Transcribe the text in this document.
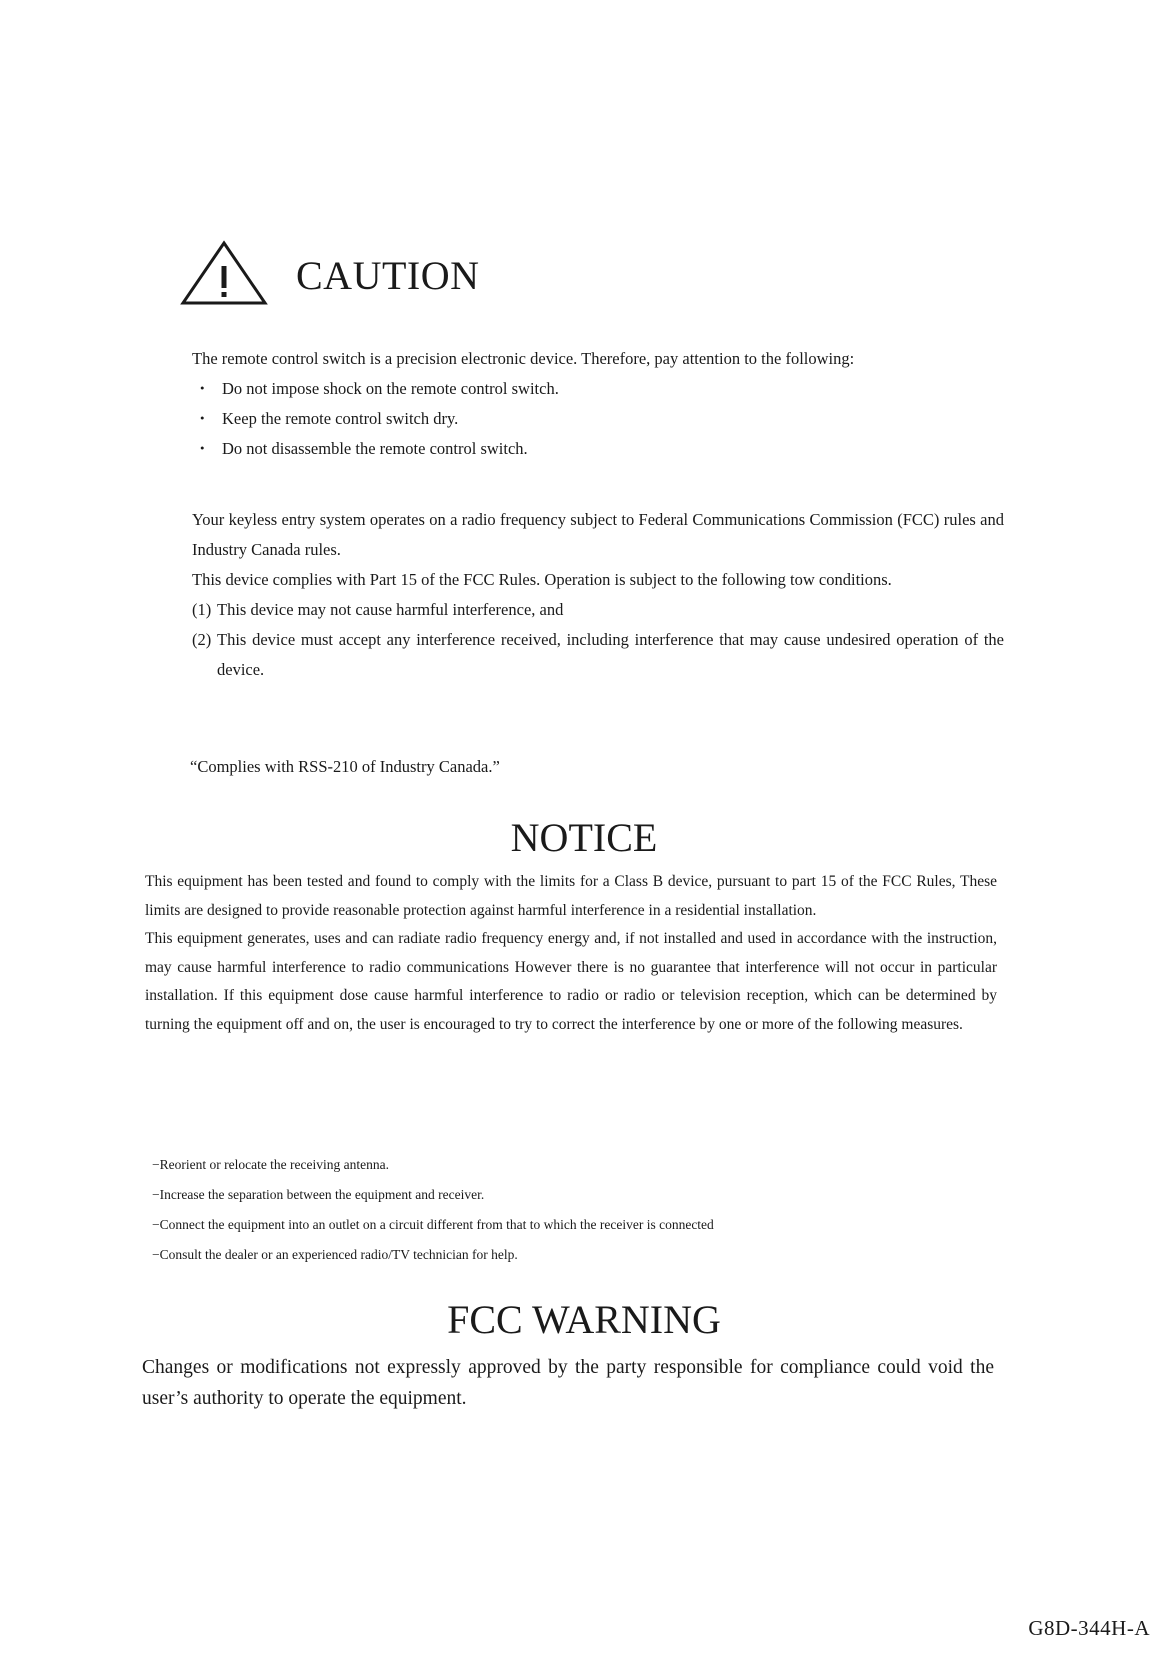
CAUTION

The remote control switch is a precision electronic device. Therefore, pay attention to the following:

・ Do not impose shock on the remote control switch.
・ Keep the remote control switch dry.
・ Do not disassemble the remote control switch.

Your keyless entry system operates on a radio frequency subject to Federal Communications Commission (FCC) rules and Industry Canada rules.

This device complies with Part 15 of the FCC Rules. Operation is subject to the following tow conditions.

(1) This device may not cause harmful interference, and
(2) This device must accept any interference received, including interference that may cause undesired operation of the device.

“Complies with RSS-210 of Industry Canada.”

NOTICE

This equipment has been tested and found to comply with the limits for a Class B device, pursuant to part 15 of the FCC Rules, These limits are designed to provide reasonable protection against harmful interference in a residential installation.

This equipment generates, uses and can radiate radio frequency energy and, if not installed and used in accordance with the instruction, may cause harmful interference to radio communications However there is no guarantee that interference will not occur in particular installation. If this equipment dose cause harmful interference to radio or radio or television reception, which can be determined by turning the equipment off and on, the user is encouraged to try to correct the interference by one or more of the following measures.

−Reorient or relocate the receiving antenna.
−Increase the separation between the equipment and receiver.
−Connect the equipment into an outlet on a circuit different from that to which the receiver is connected
−Consult the dealer or an experienced radio/TV technician for help.
FCC WARNING

Changes or modifications not expressly approved by the party responsible for compliance could void the user’s authority to operate the equipment.

G8D-344H-A
